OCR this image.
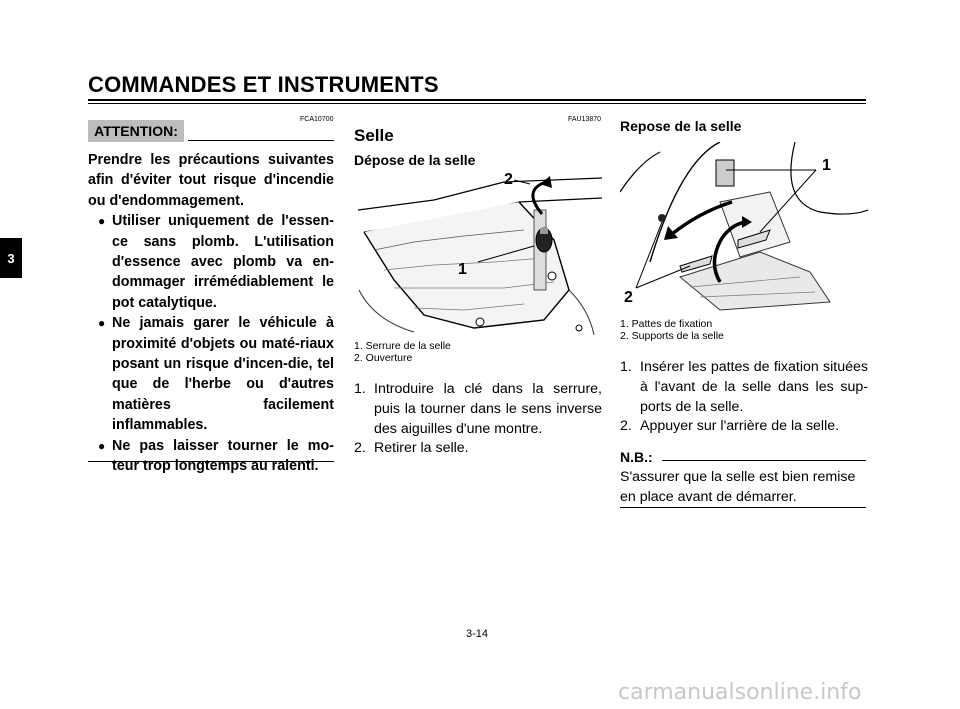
COMMANDES ET INSTRUMENTS
3
FCA10700
ATTENTION:
Prendre les précautions suivantes afin d'éviter tout risque d'incendie ou d'endommagement.
● Utiliser uniquement de l'essen-ce sans plomb. L'utilisation d'essence avec plomb va en-dommager irrémédiablement le pot catalytique.
● Ne jamais garer le véhicule à proximité d'objets ou maté-riaux posant un risque d'incen-die, tel que de l'herbe ou d'autres matières facilement inflammables.
● Ne pas laisser tourner le mo-teur trop longtemps au ralenti.
FAU13870
Selle
Dépose de la selle
2
1
1. Serrure de la selle
2. Ouverture
1. Introduire la clé dans la serrure, puis la tourner dans le sens inverse des aiguilles d'une montre.
2. Retirer la selle.
Repose de la selle
1
2
1. Pattes de fixation
2. Supports de la selle
1. Insérer les pattes de fixation situées à l'avant de la selle dans les sup-ports de la selle.
2. Appuyer sur l'arrière de la selle.
N.B.:
S'assurer que la selle est bien remise en place avant de démarrer.
3-14
carmanualsonline.info
